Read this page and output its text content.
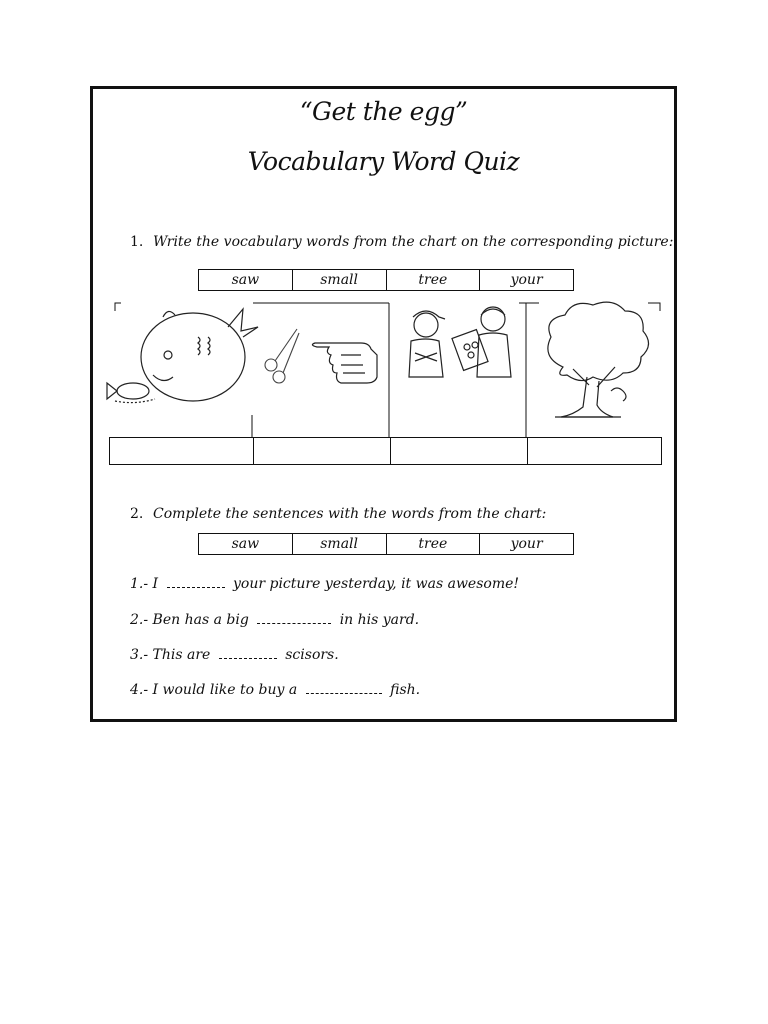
“Get the egg”
Vocabulary Word Quiz
1. Write the vocabulary words from the chart on the corresponding picture:
saw	small	tree	your
2. Complete the sentences with the words from the chart:
saw	small	tree	your
1.- I	your picture yesterday, it was awesome!
2.- Ben has a big	in his yard.
3.- This are	scisors.
4.- I would like to buy a	fish.
